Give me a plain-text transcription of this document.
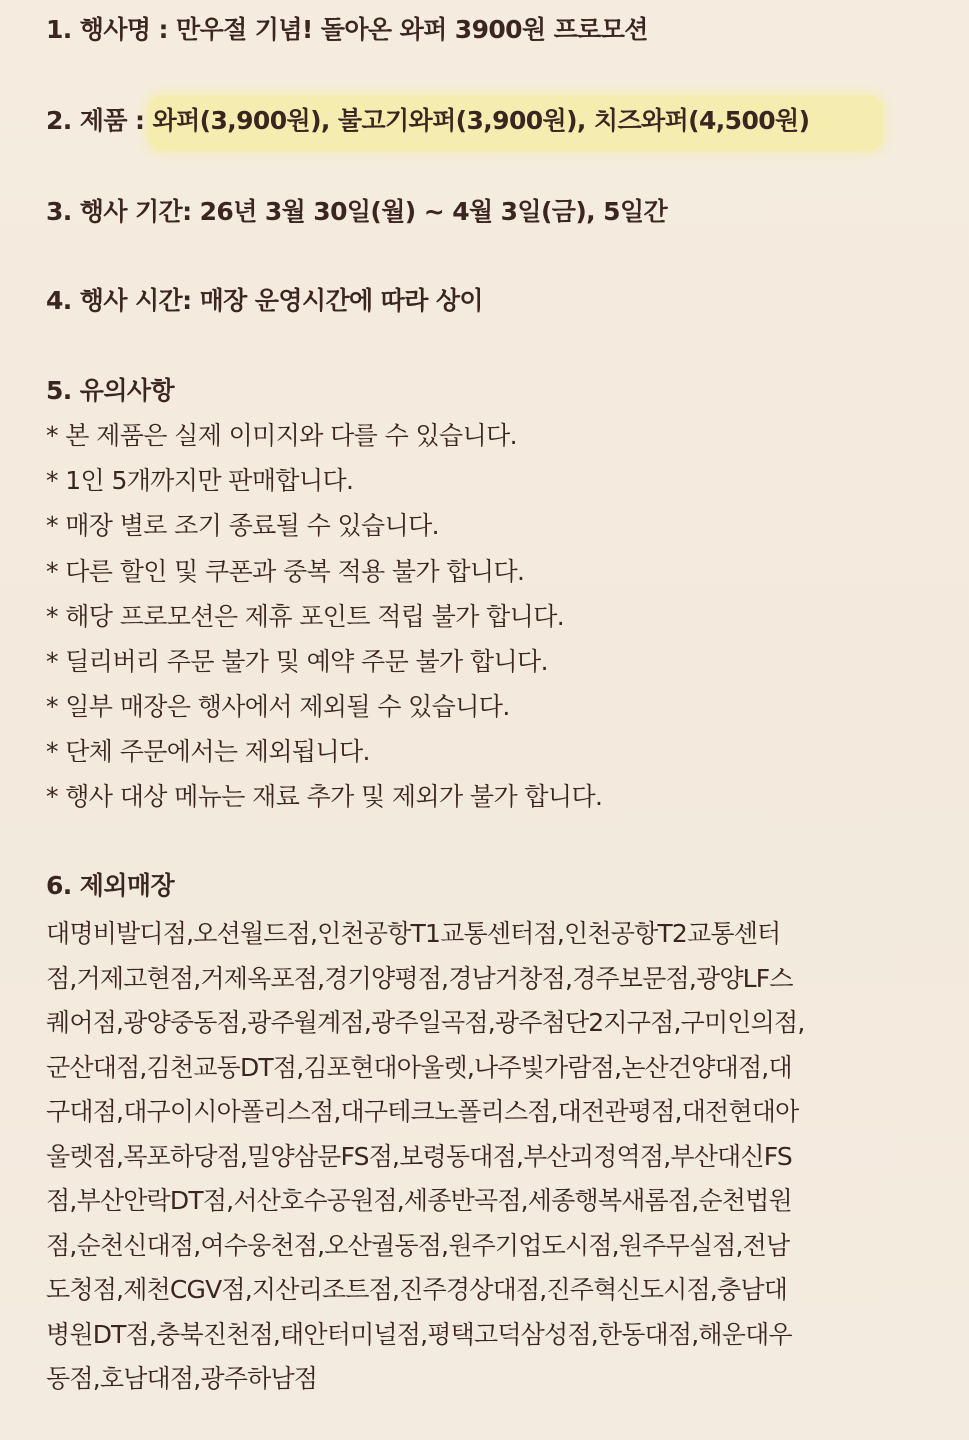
1. 행사명 : 만우절 기념! 돌아온 와퍼 3900원 프로모션
2. 제품 : 와퍼(3,900원), 불고기와퍼(3,900원), 치즈와퍼(4,500원)
3. 행사 기간: 26년 3월 30일(월) ~ 4월 3일(금), 5일간
4. 행사 시간: 매장 운영시간에 따라 상이
5. 유의사항
* 본 제품은 실제 이미지와 다를 수 있습니다.
* 1인 5개까지만 판매합니다.
* 매장 별로 조기 종료될 수 있습니다.
* 다른 할인 및 쿠폰과 중복 적용 불가 합니다.
* 해당 프로모션은 제휴 포인트 적립 불가 합니다.
* 딜리버리 주문 불가 및 예약 주문 불가 합니다.
* 일부 매장은 행사에서 제외될 수 있습니다.
* 단체 주문에서는 제외됩니다.
* 행사 대상 메뉴는 재료 추가 및 제외가 불가 합니다.
6. 제외매장
대명비발디점,오션월드점,인천공항T1교통센터점,인천공항T2교통센터
점,거제고현점,거제옥포점,경기양평점,경남거창점,경주보문점,광양LF스
퀘어점,광양중동점,광주월계점,광주일곡점,광주첨단2지구점,구미인의점,
군산대점,김천교동DT점,김포현대아울렛,나주빛가람점,논산건양대점,대
구대점,대구이시아폴리스점,대구테크노폴리스점,대전관평점,대전현대아
울렛점,목포하당점,밀양삼문FS점,보령동대점,부산괴정역점,부산대신FS
점,부산안락DT점,서산호수공원점,세종반곡점,세종행복새롬점,순천법원
점,순천신대점,여수웅천점,오산궐동점,원주기업도시점,원주무실점,전남
도청점,제천CGV점,지산리조트점,진주경상대점,진주혁신도시점,충남대
병원DT점,충북진천점,태안터미널점,평택고덕삼성점,한동대점,해운대우
동점,호남대점,광주하남점
